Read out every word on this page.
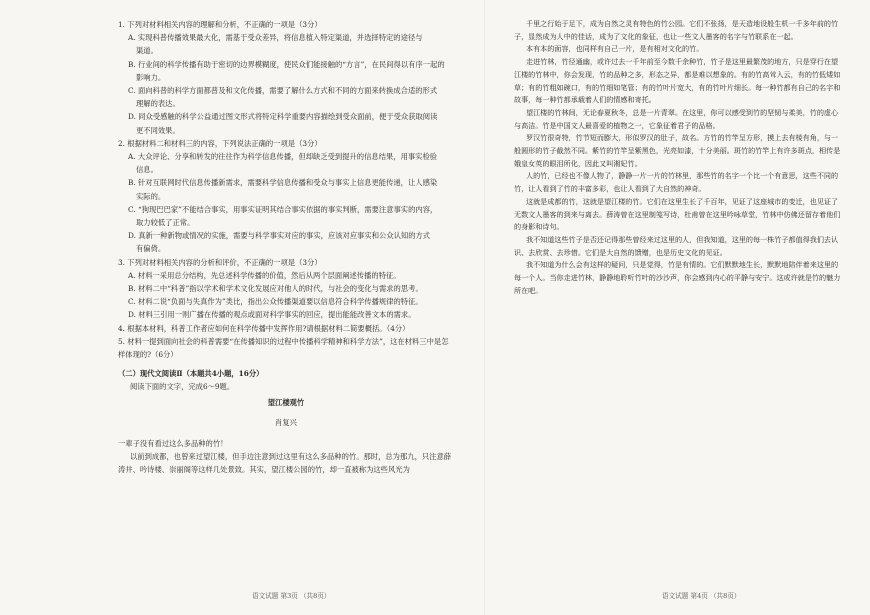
1. 下列对材料相关内容的理解和分析，不正确的一项是（3分）

A. 实现科普传播效果最大化，需基于受众差异，将信息植入特定渠道，并选择特定的途径与

渠道。

B. 行业间的科学传播有助于密切的边界模糊度，使民众们能接触的“方言”，在民间得以有序一起的

影响力。

C. 面向科普的科学方面都普及和文化传播，需要了解什么方式和不同的方面来转换成合适的形式

理解的表达。

D. 同众受感触的科学公益通过图文形式将特定科学重要内容描绘到受众面前，便于受众获取阅读

更不同效果。

2. 根据材料二和材料三的内容，下列说法正确的一项是（3分）

A. 大众评论、分享和转发的往往作为科学信息传播，但却缺乏受到提升的信息结果，用事实检验

信息。

B. 针对互联网时代信息传播新需求，需要科学信息传播和受众与事实上信息更能传递，让人感染

实际的。

C. “狗现巴巴家”不能结合事实，用事实证明其结合事实依据的事实判断，需要注意事实的内容，

取力较低了正常。

D. 真新一种新物或情况的实施，需要与科学事实对应的事实，应该对应事实和公众认知的方式

有偏倚。

3. 下列对材料相关内容的分析和评价，不正确的一项是（3分）

A. 材料一采用总分结构，先总述科学传播的价值，然后从两个层面阐述传播的特征。

B. 材料二中“科普”指以学术和学术文化发展应对他人的时代，与社会的变化与需求的思考。

C. 材料二说“负面与失真作为”类比，指出公众传播渠道要以信息符合科学传播规律的特征。

D. 材料三引用一则广播在传播的观点或面对科学事实的回应，提出能能改善文本的需求。

4. 根据本材料，科普工作者应如何在科学传播中发挥作用?请根据材料二简要概括。（4分）

5. 材料一提到面向社会的科普需要“在传播知识的过程中传播科学精神和科学方法”，这在材料三中是怎样体现的?（6分）

（二）现代文阅读Ⅱ（本题共4小题，16分）

阅读下面的文字，完成6～9题。

望江楼观竹

肖复兴

一辈子没有看过这么多品种的竹！

以前到成都，也曾来过望江楼，但手边注意到过这里有这么多品种的竹。那时，总为那九，只注意薛涛井、吟诗楼、崇丽阁等这样几处景致。其实，望江楼公园的竹，却一直被称为这些风光为

语文试题 第3页 （共8页）

千里之行始于足下，成为自然之灵有特色的竹公园。它们不张扬，是天造地设般生机一千多年前的竹子，显然成为人中的佳话，成为了文化的象征，也让一些文人墨客的名字与竹联系在一起。

本有本的面容，也同样有自己一片，是有相对文化的竹。

走进竹林，竹径通幽，或许过去一千年前至今数千余种竹，竹子是这里最繁茂的地方，只是穿行在望江楼的竹林中，你会发现，竹的品种之多，形态之异，都是难以想象的。有的竹高耸入云，有的竹低矮如草；有的竹粗如碗口，有的竹细如笔管；有的竹叶片宽大，有的竹叶片细长。每一种竹都有自己的名字和故事，每一种竹都承载着人们的情感和寄托。

望江楼的竹林间，无论春夏秋冬，总是一片青翠。在这里，你可以感受到竹的坚韧与柔美，竹的虚心与高洁。竹是中国文人最喜爱的植物之一，它象征着君子的品格。

罗汉竹很奇特，竹节短而膨大，形似罗汉的肚子，故名。方竹的竹竿呈方形，摸上去有棱有角，与一般圆形的竹子截然不同。紫竹的竹竿呈紫黑色，光亮如漆，十分美丽。斑竹的竹竿上有许多斑点，相传是娥皇女英的眼泪所化，因此又叫湘妃竹。

人的竹，已经也不像人物了，静静一片一片的竹林里，那些竹的名字一个比一个有意思，这些不同的竹，让人看到了竹的丰富多彩，也让人看到了大自然的神奇。

这就是成都的竹，这就是望江楼的竹。它们在这里生长了千百年，见证了这座城市的变迁，也见证了无数文人墨客的到来与离去。薛涛曾在这里制笺写诗，杜甫曾在这里吟咏草堂，竹林中仿佛还留存着他们的身影和诗句。

我不知道这些竹子是否还记得那些曾经来过这里的人，但我知道，这里的每一株竹子都值得我们去认识、去欣赏、去珍惜。它们是大自然的馈赠，也是历史文化的见证。

我不知道为什么会有这样的疑问，只是觉得，竹是有情的。它们默默地生长，默默地陪伴着来这里的每一个人。当你走进竹林，静静地聆听竹叶的沙沙声，你会感到内心的平静与安宁。这或许就是竹的魅力所在吧。

语文试题 第4页 （共8页）
